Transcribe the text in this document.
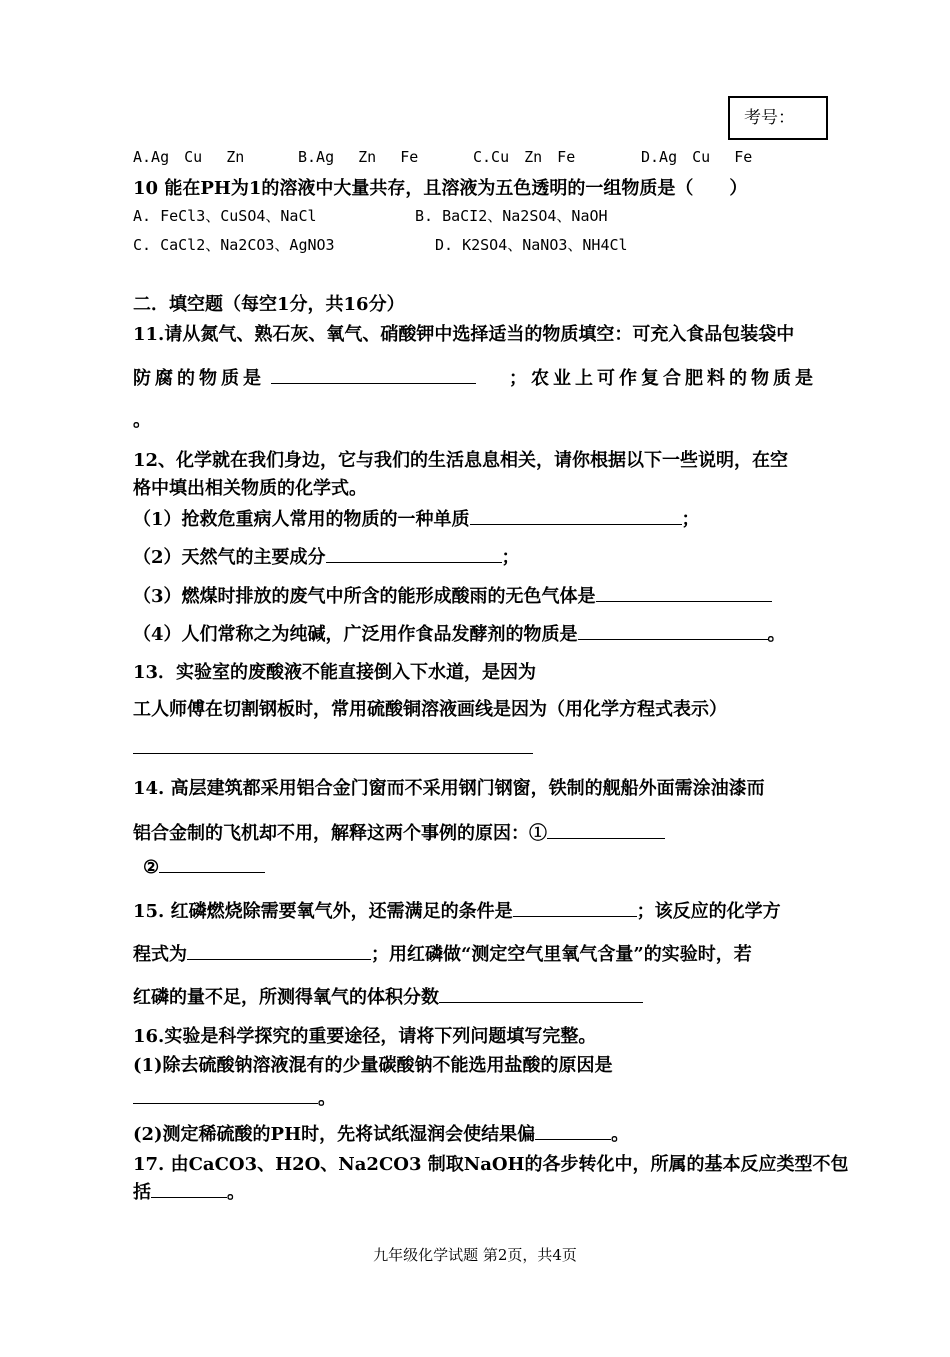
考号：
A.Ag　Cu　 Zn	B.Ag　 Zn　 Fe	C.Cu　Zn　Fe	D.Ag　Cu　 Fe
10 能在PH为1的溶液中大量共存，且溶液为五色透明的一组物质是（　　）
A. FeCl3、CuSO4、NaCl	B. BaCI2、Na2SO4、NaOH
C. CaCl2、Na2CO3、AgNO3	D. K2SO4、NaNO3、NH4Cl
二．填空题（每空1分，共16分）
11.请从氮气、熟石灰、氧气、硝酸钾中选择适当的物质填空：可充入食品包装袋中
防腐的物质是	；农业上可作复合肥料的物质是
。
12、化学就在我们身边，它与我们的生活息息相关，请你根据以下一些说明，在空
格中填出相关物质的化学式。
（1）抢救危重病人常用的物质的一种单质	；
（2）天然气的主要成分	；
（3）燃煤时排放的废气中所含的能形成酸雨的无色气体是
（4）人们常称之为纯碱，广泛用作食品发酵剂的物质是	。
13．实验室的废酸液不能直接倒入下水道，是因为
工人师傅在切割钢板时，常用硫酸铜溶液画线是因为（用化学方程式表示）
14. 高层建筑都采用铝合金门窗而不采用钢门钢窗，铁制的舰船外面需涂油漆而
铝合金制的飞机却不用，解释这两个事例的原因：①
②
15. 红磷燃烧除需要氧气外，还需满足的条件是	；该反应的化学方
程式为	；用红磷做“测定空气里氧气含量”的实验时，若
红磷的量不足，所测得氧气的体积分数
16.实验是科学探究的重要途径，请将下列问题填写完整。
(1)除去硫酸钠溶液混有的少量碳酸钠不能选用盐酸的原因是
。
(2)测定稀硫酸的PH时，先将试纸湿润会使结果偏	。
17. 由CaCO3、H2O、Na2CO3 制取NaOH的各步转化中，所属的基本反应类型不包
括	。
九年级化学试题 第2页，共4页
